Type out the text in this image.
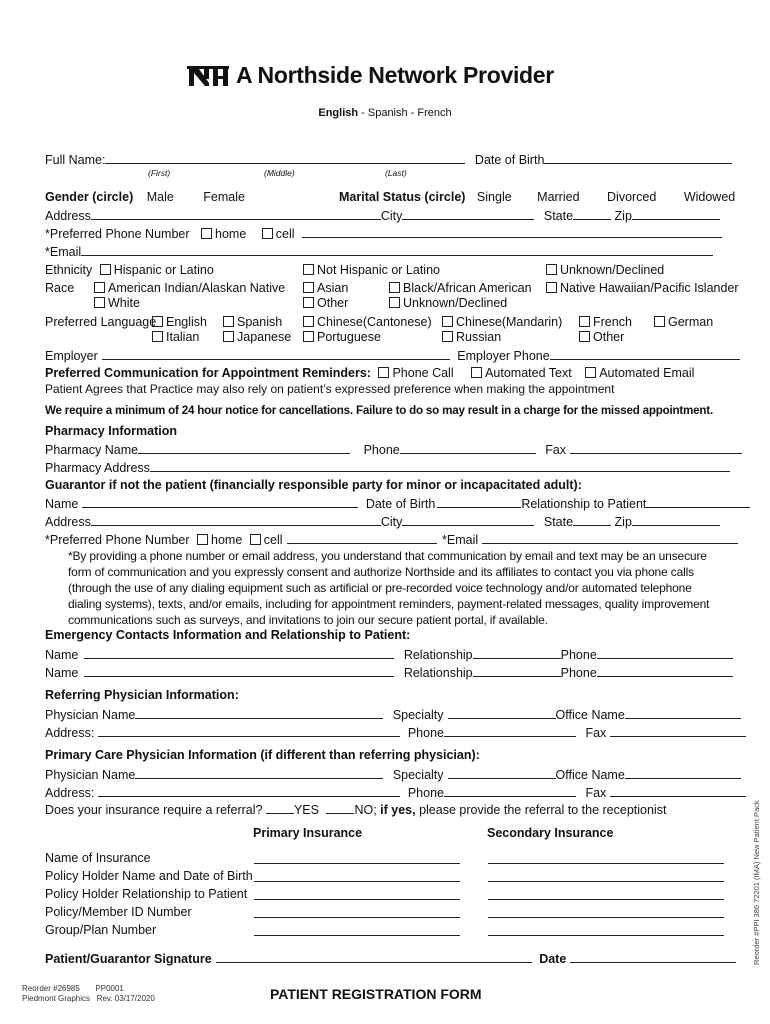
A Northside Network Provider
English - Spanish - French
Full Name:	Date of Birth
(First)	(Middle)	(Last)
Gender (circle) Male Female	Marital Status (circle) Single Married Divorced Widowed
Address	City	State	Zip
*Preferred Phone Number home cell
*Email
Ethnicity Hispanic or Latino	Not Hispanic or Latino	Unknown/Declined
Race	American Indian/Alaskan Native	Asian	Black/African American	Native Hawaiian/Pacific Islander
White	Other	Unknown/Declined
Preferred Language English	Spanish	Chinese(Cantonese)	Chinese(Mandarin)	French	German
Italian	Japanese	Portuguese	Russian	Other
Employer	Employer Phone
Preferred Communication for Appointment Reminders: Phone Call	Automated Text Automated Email
Patient Agrees that Practice may also rely on patient’s expressed preference when making the appointment
We require a minimum of 24 hour notice for cancellations. Failure to do so may result in a charge for the missed appointment.
Pharmacy Information
Pharmacy Name	Phone	Fax
Pharmacy Address
Guarantor if not the patient (financially responsible party for minor or incapacitated adult):
Name	Date of Birth	Relationship to Patient
Address	City	State	Zip
*Preferred Phone Number home cell	*Email
*By providing a phone number or email address, you understand that communication by email and text may be an unsecure form of communication and you expressly consent and authorize Northside and its affiliates to contact you via phone calls (through the use of any dialing equipment such as artificial or pre-recorded voice technology and/or automated telephone dialing systems), texts, and/or emails, including for appointment reminders, payment-related messages, quality improvement communications such as surveys, and invitations to join our secure patient portal, if available.
Emergency Contacts Information and Relationship to Patient:
Name	Relationship	Phone
Name	Relationship	Phone
Referring Physician Information:
Physician Name	Specialty	Office Name
Address:	Phone	Fax
Primary Care Physician Information (if different than referring physician):
Physician Name	Specialty	Office Name
Address:	Phone	Fax
Does your insurance require a referral? YES	NO; if yes, please provide the referral to the receptionist
Primary Insurance	Secondary Insurance
Name of Insurance
Policy Holder Name and Date of Birth
Policy Holder Relationship to Patient
Policy/Member ID Number
Group/Plan Number
Patient/Guarantor Signature	Date
Reorder #26985 PP0001
Piedmont Graphics Rev. 03/17/2020	PATIENT REGISTRATION FORM
Reorder #PPI 386 72201 (IMA) New Patient Pack
